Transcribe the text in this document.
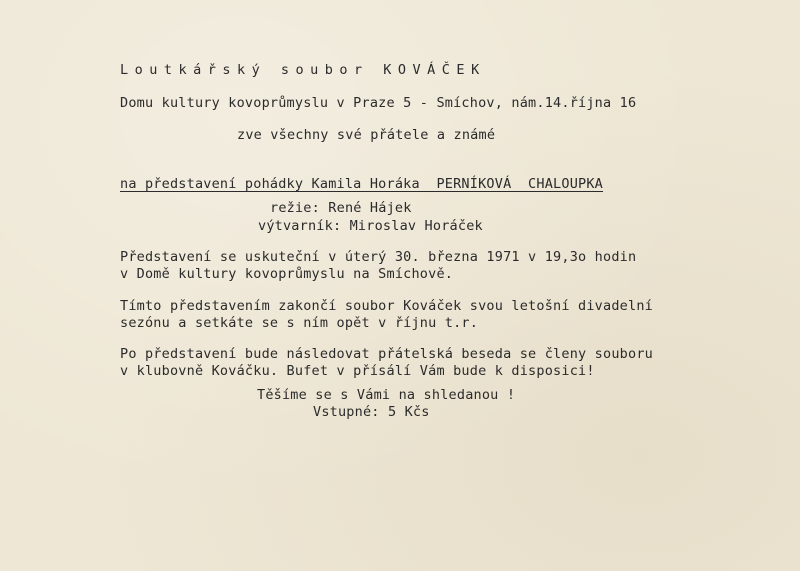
Loutkářský soubor KOVÁČEK
Domu kultury kovoprůmyslu v Praze 5 - Smíchov, nám.14.října 16
zve všechny své přátele a známé
na představení pohádky Kamila Horáka  PERNÍKOVÁ  CHALOUPKA
režie: René Hájek
výtvarník: Miroslav Horáček
Představení se uskuteční v úterý 30. března 1971 v 19,3o hodin
v Domě kultury kovoprůmyslu na Smíchově.
Tímto představením zakončí soubor Kováček svou letošní divadelní
sezónu a setkáte se s ním opět v říjnu t.r.
Po představení bude následovat přátelská beseda se členy souboru
v klubovně Kováčku. Bufet v přísálí Vám bude k disposici!
Těšíme se s Vámi na shledanou !
Vstupné: 5 Kčs
